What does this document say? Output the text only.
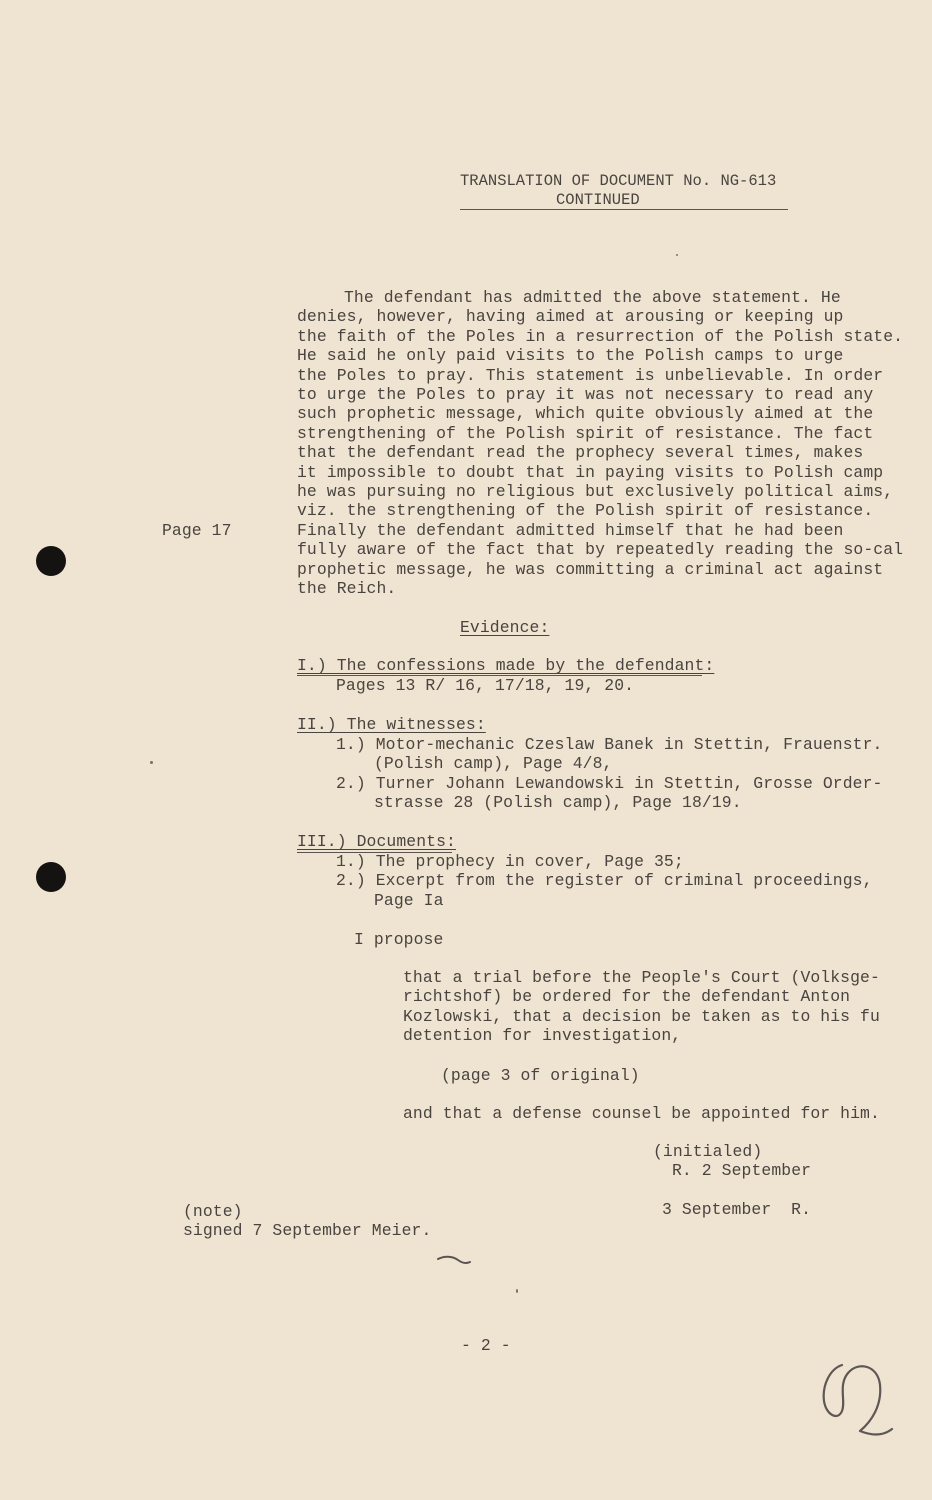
TRANSLATION OF DOCUMENT No. NG-613
CONTINUED
The defendant has admitted the above statement. He
denies, however, having aimed at arousing or keeping up
the faith of the Poles in a resurrection of the Polish state.
He said he only paid visits to the Polish camps to urge
the Poles to pray. This statement is unbelievable. In order
to urge the Poles to pray it was not necessary to read any
such prophetic message, which quite obviously aimed at the
strengthening of the Polish spirit of resistance. The fact
that the defendant read the prophecy several times, makes
it impossible to doubt that in paying visits to Polish camp
he was pursuing no religious but exclusively political aims,
viz. the strengthening of the Polish spirit of resistance.
Finally the defendant admitted himself that he had been
fully aware of the fact that by repeatedly reading the so-cal
prophetic message, he was committing a criminal act against
the Reich.
Page 17
Evidence:
I.) The confessions made by the defendant:
Pages 13 R/ 16, 17/18, 19, 20.
II.) The witnesses:
1.) Motor-mechanic Czeslaw Banek in Stettin, Frauenstr.
(Polish camp), Page 4/8,
2.) Turner Johann Lewandowski in Stettin, Grosse Order-
strasse 28 (Polish camp), Page 18/19.
III.) Documents:
1.) The prophecy in cover, Page 35;
2.) Excerpt from the register of criminal proceedings,
Page Ia
I propose
that a trial before the People's Court (Volksge-
richtshof) be ordered for the defendant Anton
Kozlowski, that a decision be taken as to his fu
detention for investigation,
(page 3 of original)
and that a defense counsel be appointed for him.
(initialed)
R. 2 September
3 September  R.
(note)
signed 7 September Meier.
- 2 -
